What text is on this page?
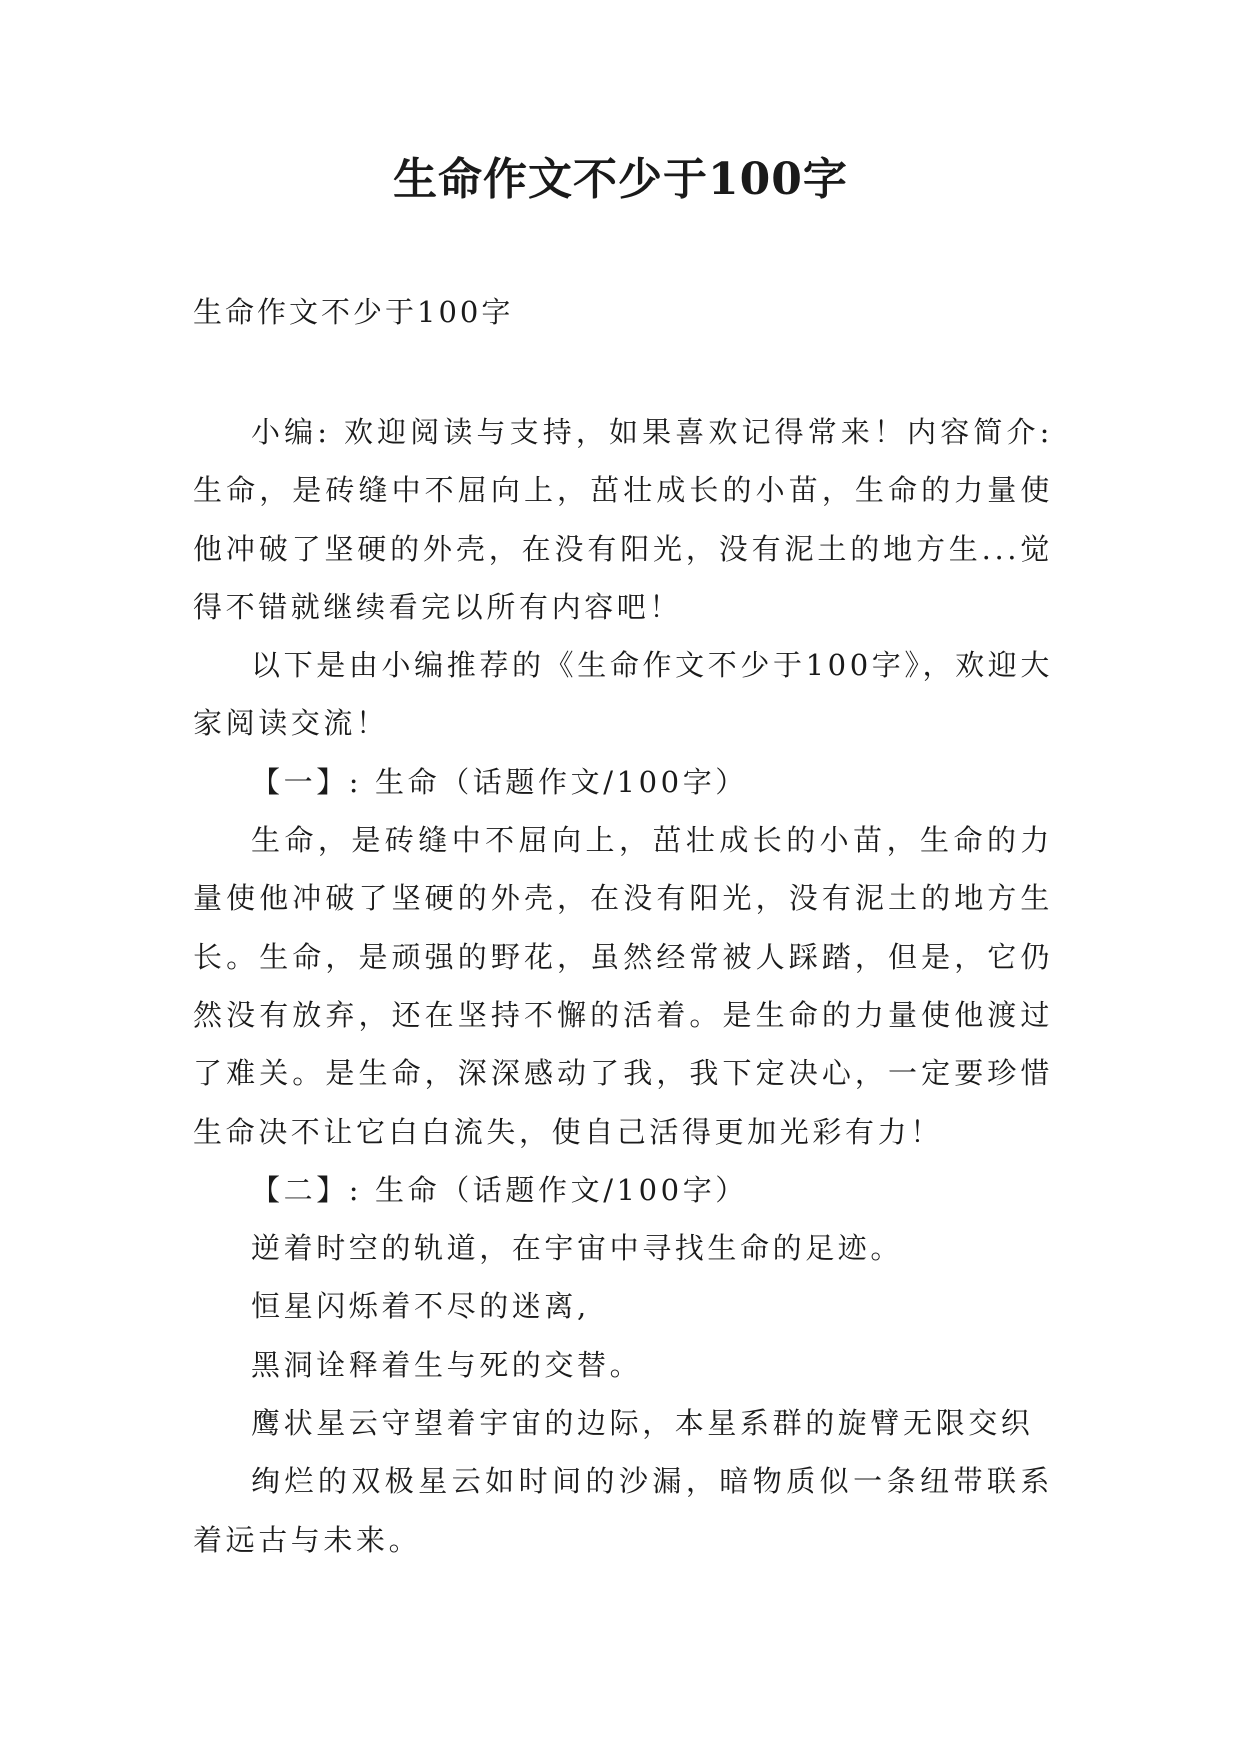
生命作文不少于100字
生命作文不少于100字

小编: 欢迎阅读与支持，如果喜欢记得常来！内容简介: 生命，是砖缝中不屈向上，茁壮成长的小苗，生命的力量使他冲破了坚硬的外壳，在没有阳光，没有泥土的地方生...觉得不错就继续看完以所有内容吧！

以下是由小编推荐的《生命作文不少于100字》，欢迎大家阅读交流！

【一】: 生命（话题作文/100字）

生命，是砖缝中不屈向上，茁壮成长的小苗，生命的力量使他冲破了坚硬的外壳，在没有阳光，没有泥土的地方生长。生命，是顽强的野花，虽然经常被人踩踏，但是，它仍然没有放弃，还在坚持不懈的活着。是生命的力量使他渡过了难关。是生命，深深感动了我，我下定决心，一定要珍惜生命决不让它白白流失，使自己活得更加光彩有力！

【二】: 生命（话题作文/100字）

逆着时空的轨道，在宇宙中寻找生命的足迹。

恒星闪烁着不尽的迷离,

黑洞诠释着生与死的交替。

鹰状星云守望着宇宙的边际，本星系群的旋臂无限交织

绚烂的双极星云如时间的沙漏，暗物质似一条纽带联系着远古与未来。
